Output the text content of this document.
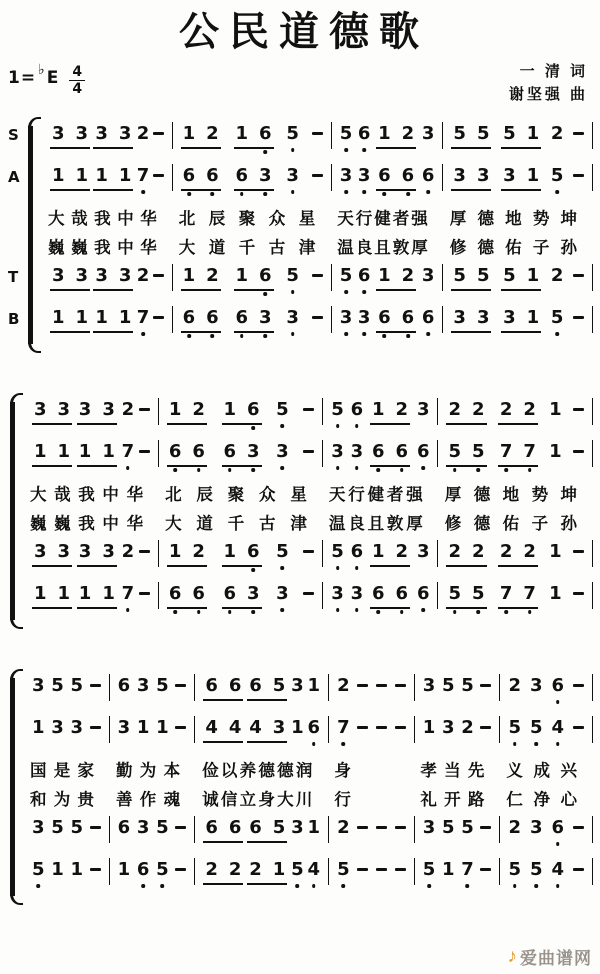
公民道德歌
1 = ♭ E $\frac{4}{4}$	一 清 词
谢坚强 曲
S 3 3 3 3 2 1 2 1 6 5 5 6 1 2 3 5 5 5 1 2
A 1 1 1 1 7 6 6 6 3 3 3 3 6 6 6 3 3 3 1 5
大哉我中华	北辰聚众星	天行健者强	厚德地势坤
巍巍我中华	大道千古津	温良且敦厚	修德佑子孙
T	3 3 3 3 2 1 2 1 6 5 5 6 1 2 3 5 5 5 1 2
B 1 1 1 1 7 6 6 6 3 3 3 3 6 6 6 3 3 3 1 5
3 3 3 3 2 1 2 1 6 5 5 6 1 2 3 2 2 2 2 1
1 1 1 1 7 6 6 6 3 3 3 3 6 6 6 5 5 7 7 1
大哉我中华	北辰聚众星	天行健者强	厚德地势坤
巍巍我中华	大道千古津	温良且敦厚	修德佑子孙
3 3 3 3 2 1 2 1 6 5 5 6 1 2 3 2 2 2 2 1
1 1 1 1 7 6 6 6 3 3 3 3 6 6 6 5 5 7 7 1
3 5 5 6 3 5 6 6 6 5 3 1 2	3 5 5 2 3 6
1 3 3 3 1 1 4 4 4 3 1 6 7	1 3 2 5 5 4
国是家	勤为本	俭以养德德润	身	孝当先	义成兴
和为贵	善作魂	诚信立身大川	行	礼开路	仁净心
3 5 5 6 3 5 6 6 6 5 3 1 2	3 5 5 2 3 6
5 1 1 1 6 5 2 2 2 1 5 4 5	5 1 7 5 5 4
♪ 爱曲谱网
